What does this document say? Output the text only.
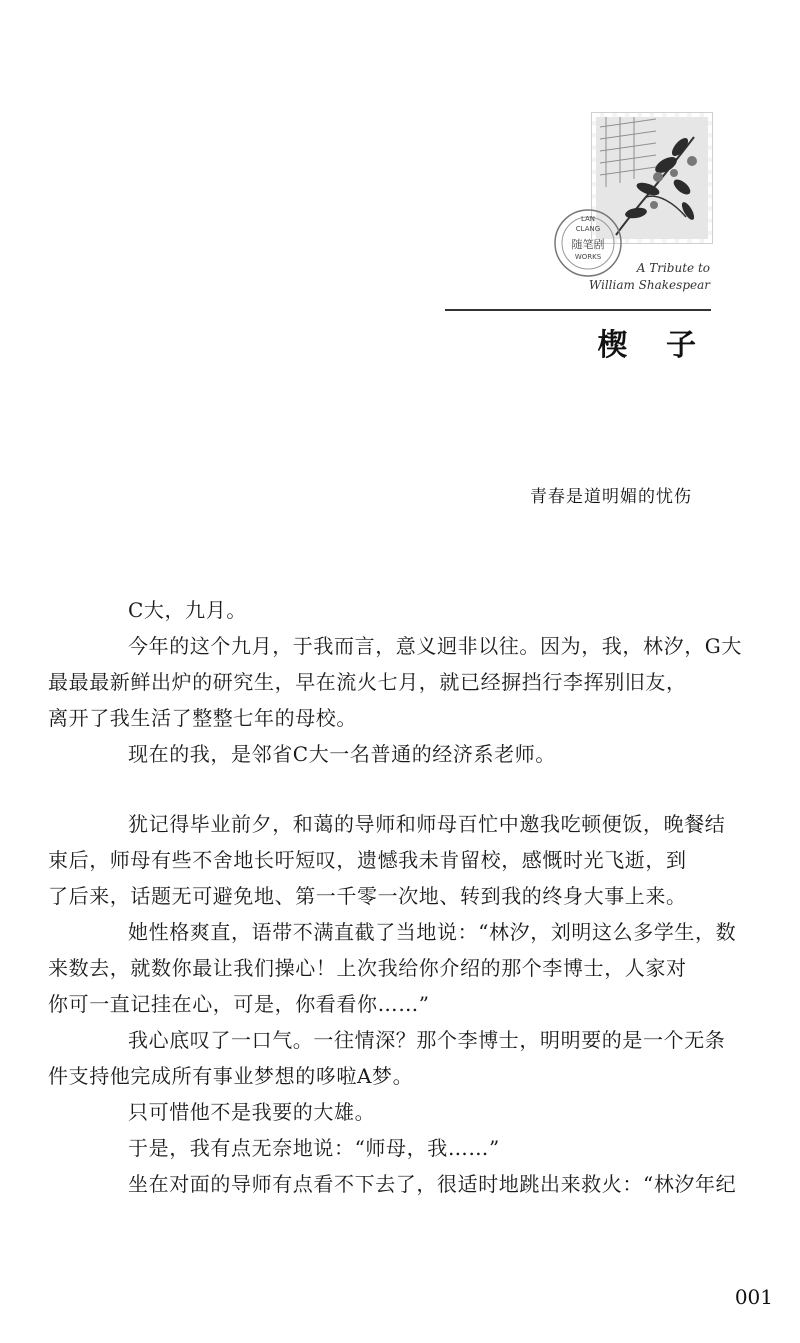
LAN
CLANG
随笔剧
WORKS
A Tribute to
William Shakespear
楔 子
青春是道明媚的忧伤

C大，九月。

今年的这个九月，于我而言，意义迥非以往。因为，我，林汐，G大
最最最新鲜出炉的研究生，早在流火七月，就已经摒挡行李挥别旧友，
离开了我生活了整整七年的母校。

现在的我，是邻省C大一名普通的经济系老师。

犹记得毕业前夕，和蔼的导师和师母百忙中邀我吃顿便饭，晚餐结
束后，师母有些不舍地长吁短叹，遗憾我未肯留校，感慨时光飞逝，到
了后来，话题无可避免地、第一千零一次地、转到我的终身大事上来。

她性格爽直，语带不满直截了当地说：“林汐，刘明这么多学生，数
来数去，就数你最让我们操心！上次我给你介绍的那个李博士，人家对
你可一直记挂在心，可是，你看看你……”

我心底叹了一口气。一往情深？那个李博士，明明要的是一个无条
件支持他完成所有事业梦想的哆啦A梦。

只可惜他不是我要的大雄。

于是，我有点无奈地说：“师母，我……”

坐在对面的导师有点看不下去了，很适时地跳出来救火：“林汐年纪

001
